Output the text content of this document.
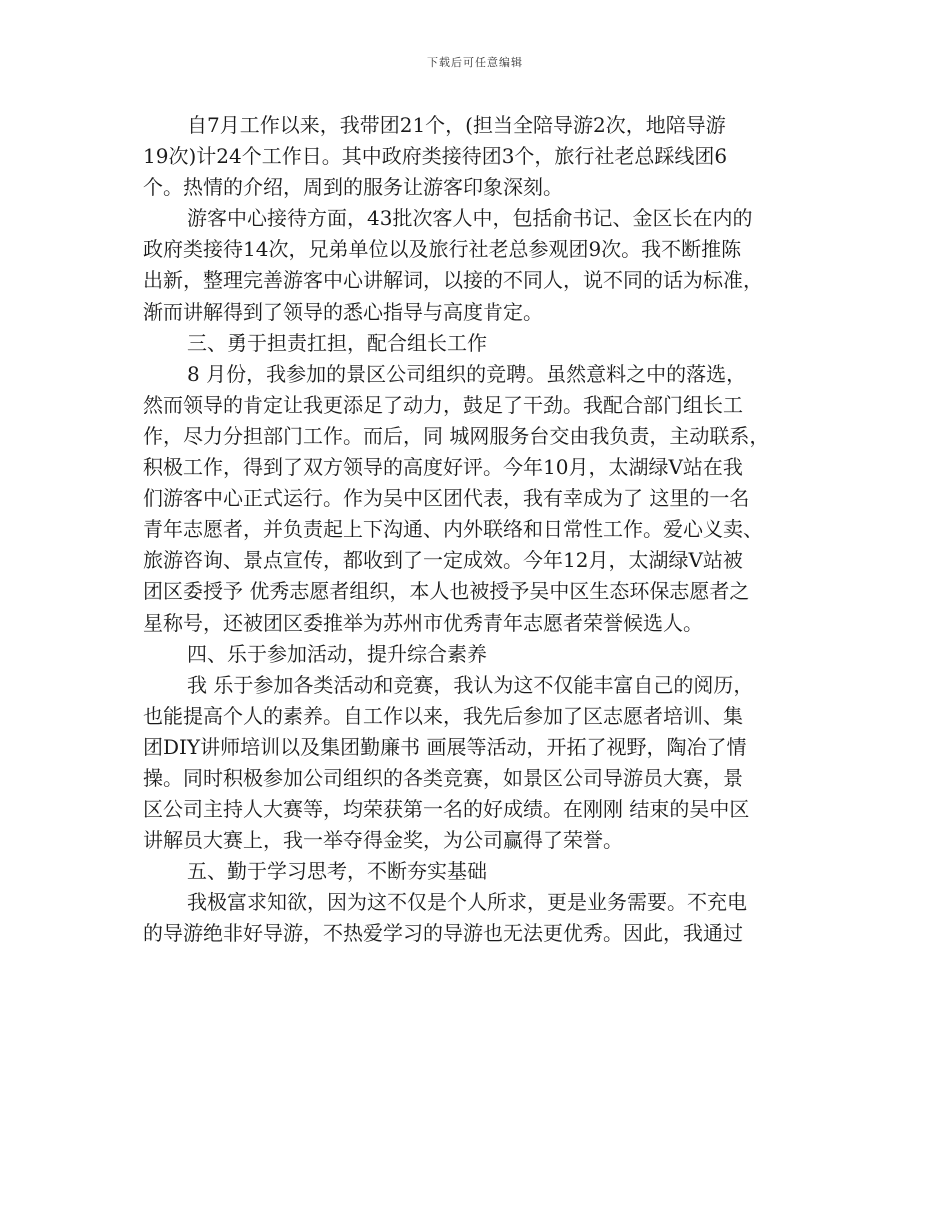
下载后可任意编辑
自7月工作以来，我带团21个，(担当全陪导游2次，地陪导游
19次)计24个工作日。其中政府类接待团3个，旅行社老总踩线团6
个。热情的介绍，周到的服务让游客印象深刻。
游客中心接待方面，43批次客人中，包括俞书记、金区长在内的
政府类接待14次，兄弟单位以及旅行社老总参观团9次。我不断推陈
出新，整理完善游客中心讲解词，以接的不同人，说不同的话为标准，
渐而讲解得到了领导的悉心指导与高度肯定。
三、勇于担责扛担，配合组长工作
8 月份，我参加的景区公司组织的竞聘。虽然意料之中的落选，
然而领导的肯定让我更添足了动力，鼓足了干劲。我配合部门组长工
作，尽力分担部门工作。而后，同 城网服务台交由我负责，主动联系，
积极工作，得到了双方领导的高度好评。今年10月，太湖绿V站在我
们游客中心正式运行。作为吴中区团代表，我有幸成为了 这里的一名
青年志愿者，并负责起上下沟通、内外联络和日常性工作。爱心义卖、
旅游咨询、景点宣传，都收到了一定成效。今年12月，太湖绿V站被
团区委授予 优秀志愿者组织，本人也被授予吴中区生态环保志愿者之
星称号，还被团区委推举为苏州市优秀青年志愿者荣誉候选人。
四、乐于参加活动，提升综合素养
我 乐于参加各类活动和竞赛，我认为这不仅能丰富自己的阅历，
也能提高个人的素养。自工作以来，我先后参加了区志愿者培训、集
团DIY讲师培训以及集团勤廉书 画展等活动，开拓了视野，陶冶了情
操。同时积极参加公司组织的各类竞赛，如景区公司导游员大赛，景
区公司主持人大赛等，均荣获第一名的好成绩。在刚刚 结束的吴中区
讲解员大赛上，我一举夺得金奖，为公司赢得了荣誉。
五、勤于学习思考，不断夯实基础
我极富求知欲，因为这不仅是个人所求，更是业务需要。不充电
的导游绝非好导游，不热爱学习的导游也无法更优秀。因此，我通过
